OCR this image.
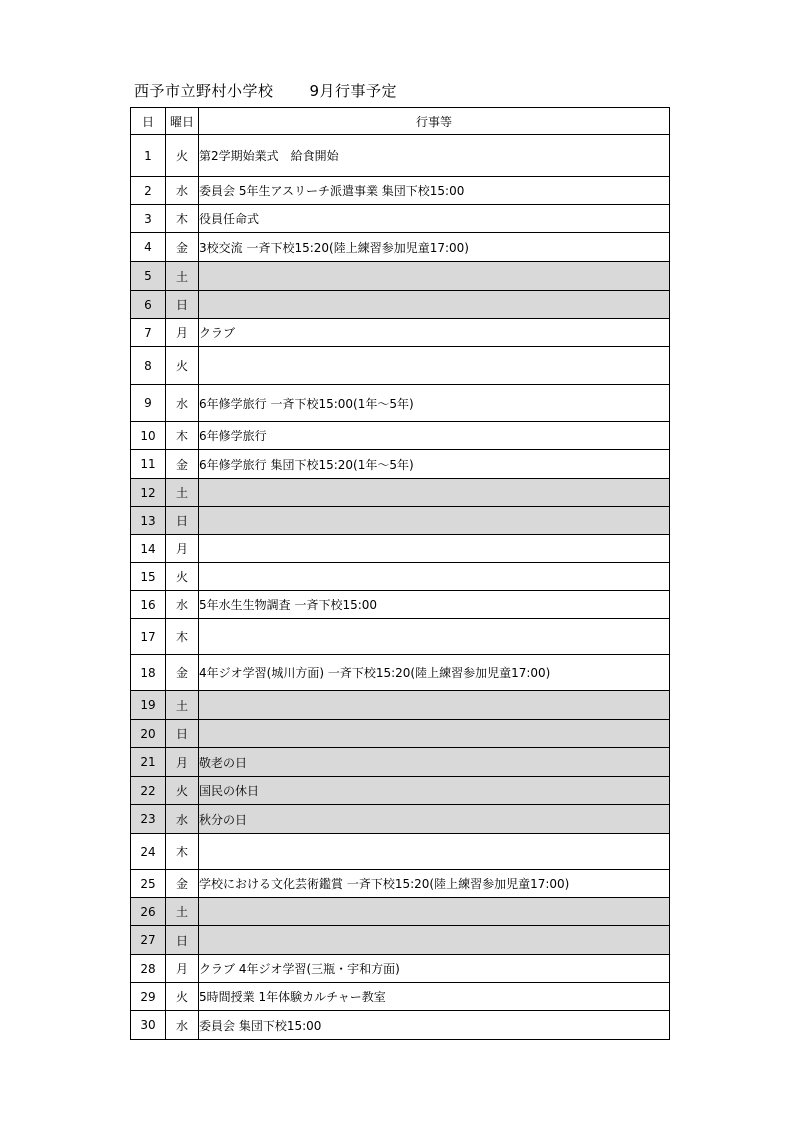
西予市立野村小学校 9月行事予定
日	曜日	行事等
1	火	第2学期始業式　給食開始
2	水	委員会 5年生アスリーチ派遣事業 集団下校15:00
3	木	役員任命式
4	金	3校交流 一斉下校15:20(陸上練習参加児童17:00)
5	土	
6	日	
7	月	クラブ
8	火	
9	水	6年修学旅行 一斉下校15:00(1年～5年)
10	木	6年修学旅行
11	金	6年修学旅行 集団下校15:20(1年～5年)
12	土	
13	日	
14	月	
15	火	
16	水	5年水生生物調査 一斉下校15:00
17	木	
18	金	4年ジオ学習(城川方面) 一斉下校15:20(陸上練習参加児童17:00)
19	土	
20	日	
21	月	敬老の日
22	火	国民の休日
23	水	秋分の日
24	木	
25	金	学校における文化芸術鑑賞 一斉下校15:20(陸上練習参加児童17:00)
26	土	
27	日	
28	月	クラブ 4年ジオ学習(三瓶・宇和方面)
29	火	5時間授業 1年体験カルチャー教室
30	水	委員会 集団下校15:00
